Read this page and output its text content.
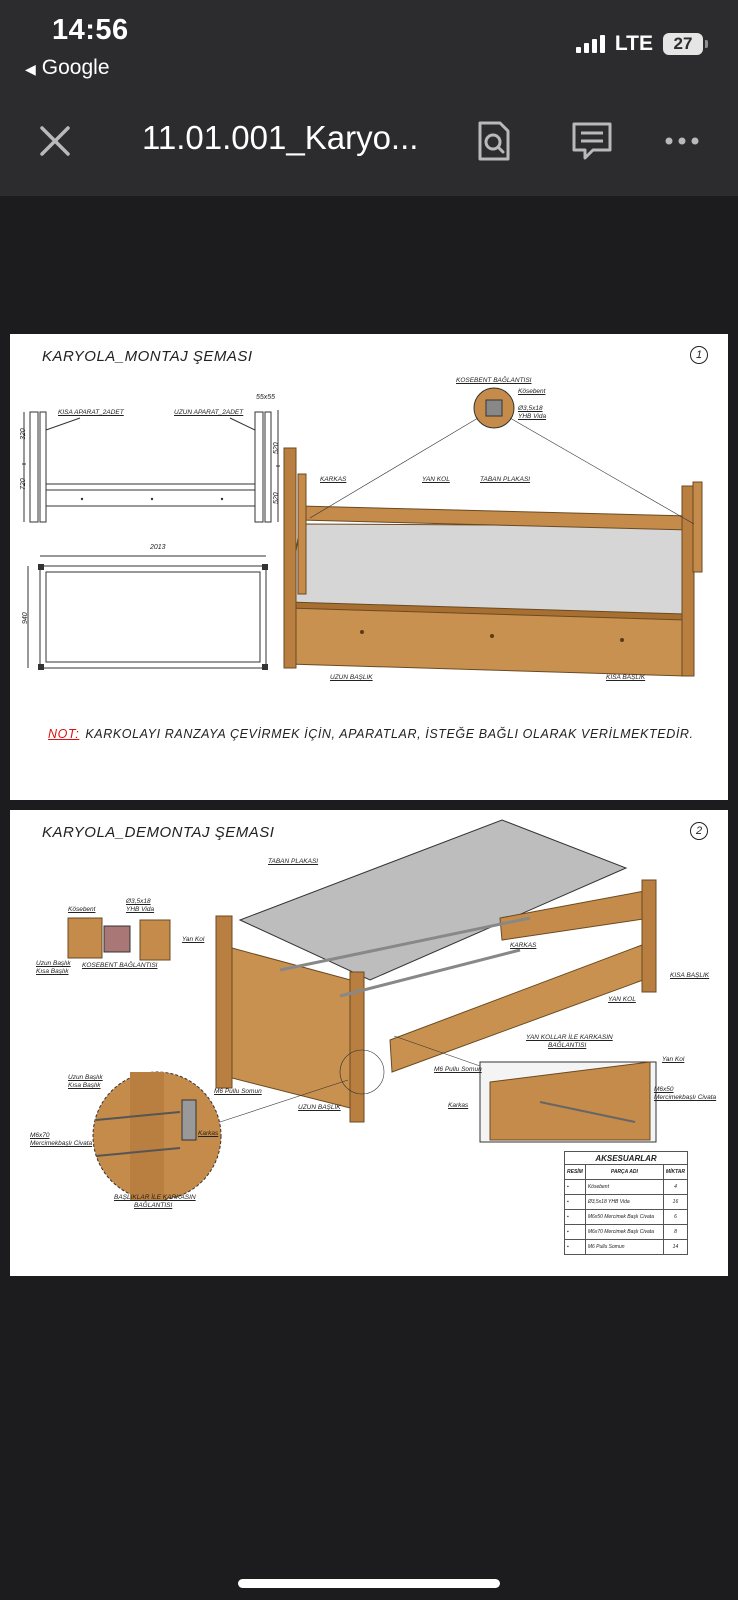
14:56
◀ Google
LTE	27
11.01.001_Karyo...
KARYOLA_MONTAJ ŞEMASI	1
55x55
320
720
520
520
2013
940
KISA APARAT_2ADET	UZUN APARAT_2ADET
KOSEBENT BAĞLANTISI
Kösebent
Ø3,5x18
YHB Vida
KARKAS	YAN KOL	TABAN PLAKASI
UZUN BAŞLIK	KISA BAŞLIK
NOT: KARKOLAYI RANZAYA ÇEVİRMEK İÇİN, APARATLAR, İSTEĞE BAĞLI OLARAK VERİLMEKTEDİR.
KARYOLA_DEMONTAJ ŞEMASI	2
TABAN PLAKASI
Ø3,5x18
YHB Vida
Kösebent
Yan Kol
Uzun Başlık
Kısa Başlık
KOSEBENT BAĞLANTISI
KARKAS
KISA BAŞLIK
YAN KOL
YAN KOLLAR İLE KARKASIN
BAĞLANTISI
Yan Kol
M6x50
Mercimekbaşlı Civata
M6 Pullu Somun
Karkas
M6 Pullu Somun
Karkas
UZUN BAŞLIK
Uzun Başlık
Kısa Başlık
M6x70
Mercimekbaşlı Civata
BAŞLIKLAR İLE KARKASIN
BAĞLANTISI
AKSESUARLAR		
RESİM	PARÇA ADI	MİKTAR
▪	Kösebent	4
▪	Ø3,5x18 YHB Vida	16
▪	M6x50 Mercimek Başlı Civata	6
▪	M6x70 Mercimek Başlı Civata	8
▪	M6 Pullu Somun	14
